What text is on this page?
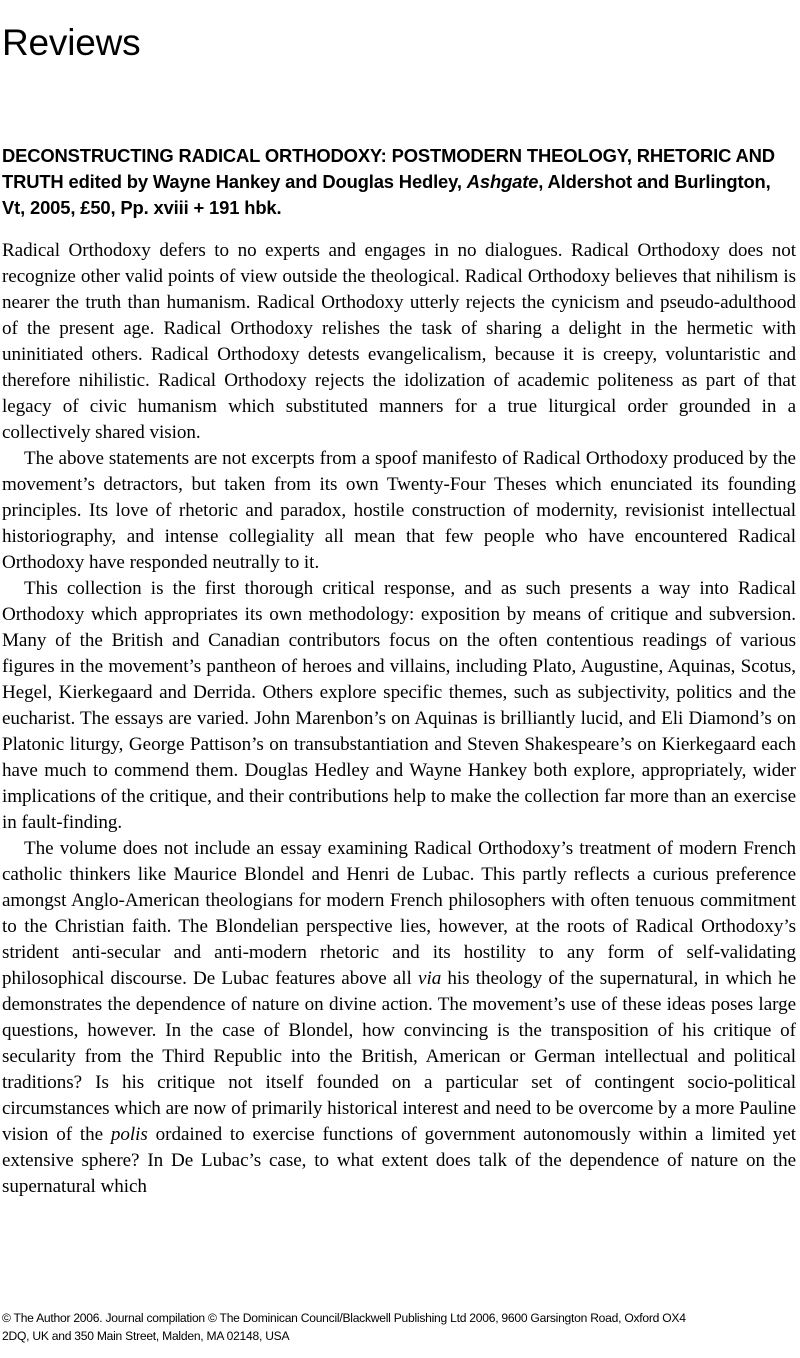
Reviews
DECONSTRUCTING RADICAL ORTHODOXY: POSTMODERN THEOLOGY, RHETORIC AND TRUTH edited by Wayne Hankey and Douglas Hedley, Ashgate, Aldershot and Burlington, Vt, 2005, £50, Pp. xviii + 191 hbk.

Radical Orthodoxy defers to no experts and engages in no dialogues. Radical Orthodoxy does not recognize other valid points of view outside the theological. Radical Orthodoxy believes that nihilism is nearer the truth than humanism. Radical Orthodoxy utterly rejects the cynicism and pseudo-adulthood of the present age. Radical Orthodoxy relishes the task of sharing a delight in the hermetic with uninitiated others. Radical Orthodoxy detests evangelicalism, because it is creepy, voluntaristic and therefore nihilistic. Radical Orthodoxy rejects the idolization of academic politeness as part of that legacy of civic humanism which substituted manners for a true liturgical order grounded in a collectively shared vision.

The above statements are not excerpts from a spoof manifesto of Radical Orthodoxy produced by the movement’s detractors, but taken from its own Twenty-Four Theses which enunciated its founding principles. Its love of rhetoric and paradox, hostile construction of modernity, revisionist intellectual historiography, and intense collegiality all mean that few people who have encountered Radical Orthodoxy have responded neutrally to it.

This collection is the first thorough critical response, and as such presents a way into Radical Orthodoxy which appropriates its own methodology: exposition by means of critique and subversion. Many of the British and Canadian contributors focus on the often contentious readings of various figures in the movement’s pantheon of heroes and villains, including Plato, Augustine, Aquinas, Scotus, Hegel, Kierkegaard and Derrida. Others explore specific themes, such as subjectivity, politics and the eucharist. The essays are varied. John Marenbon’s on Aquinas is brilliantly lucid, and Eli Diamond’s on Platonic liturgy, George Pattison’s on transubstantiation and Steven Shakespeare’s on Kierkegaard each have much to commend them. Douglas Hedley and Wayne Hankey both explore, appropriately, wider implications of the critique, and their contributions help to make the collection far more than an exercise in fault-finding.

The volume does not include an essay examining Radical Orthodoxy’s treatment of modern French catholic thinkers like Maurice Blondel and Henri de Lubac. This partly reflects a curious preference amongst Anglo-American theologians for modern French philosophers with often tenuous commitment to the Christian faith. The Blondelian perspective lies, however, at the roots of Radical Orthodoxy’s strident anti-secular and anti-modern rhetoric and its hostility to any form of self-validating philosophical discourse. De Lubac features above all via his theology of the supernatural, in which he demonstrates the dependence of nature on divine action. The movement’s use of these ideas poses large questions, however. In the case of Blondel, how convincing is the transposition of his critique of secularity from the Third Republic into the British, American or German intellectual and political traditions? Is his critique not itself founded on a particular set of contingent socio-political circumstances which are now of primarily historical interest and need to be overcome by a more Pauline vision of the polis ordained to exercise functions of government autonomously within a limited yet extensive sphere? In De Lubac’s case, to what extent does talk of the dependence of nature on the supernatural which

© The Author 2006. Journal compilation © The Dominican Council/Blackwell Publishing Ltd 2006, 9600 Garsington Road, Oxford OX4
2DQ, UK and 350 Main Street, Malden, MA 02148, USA
